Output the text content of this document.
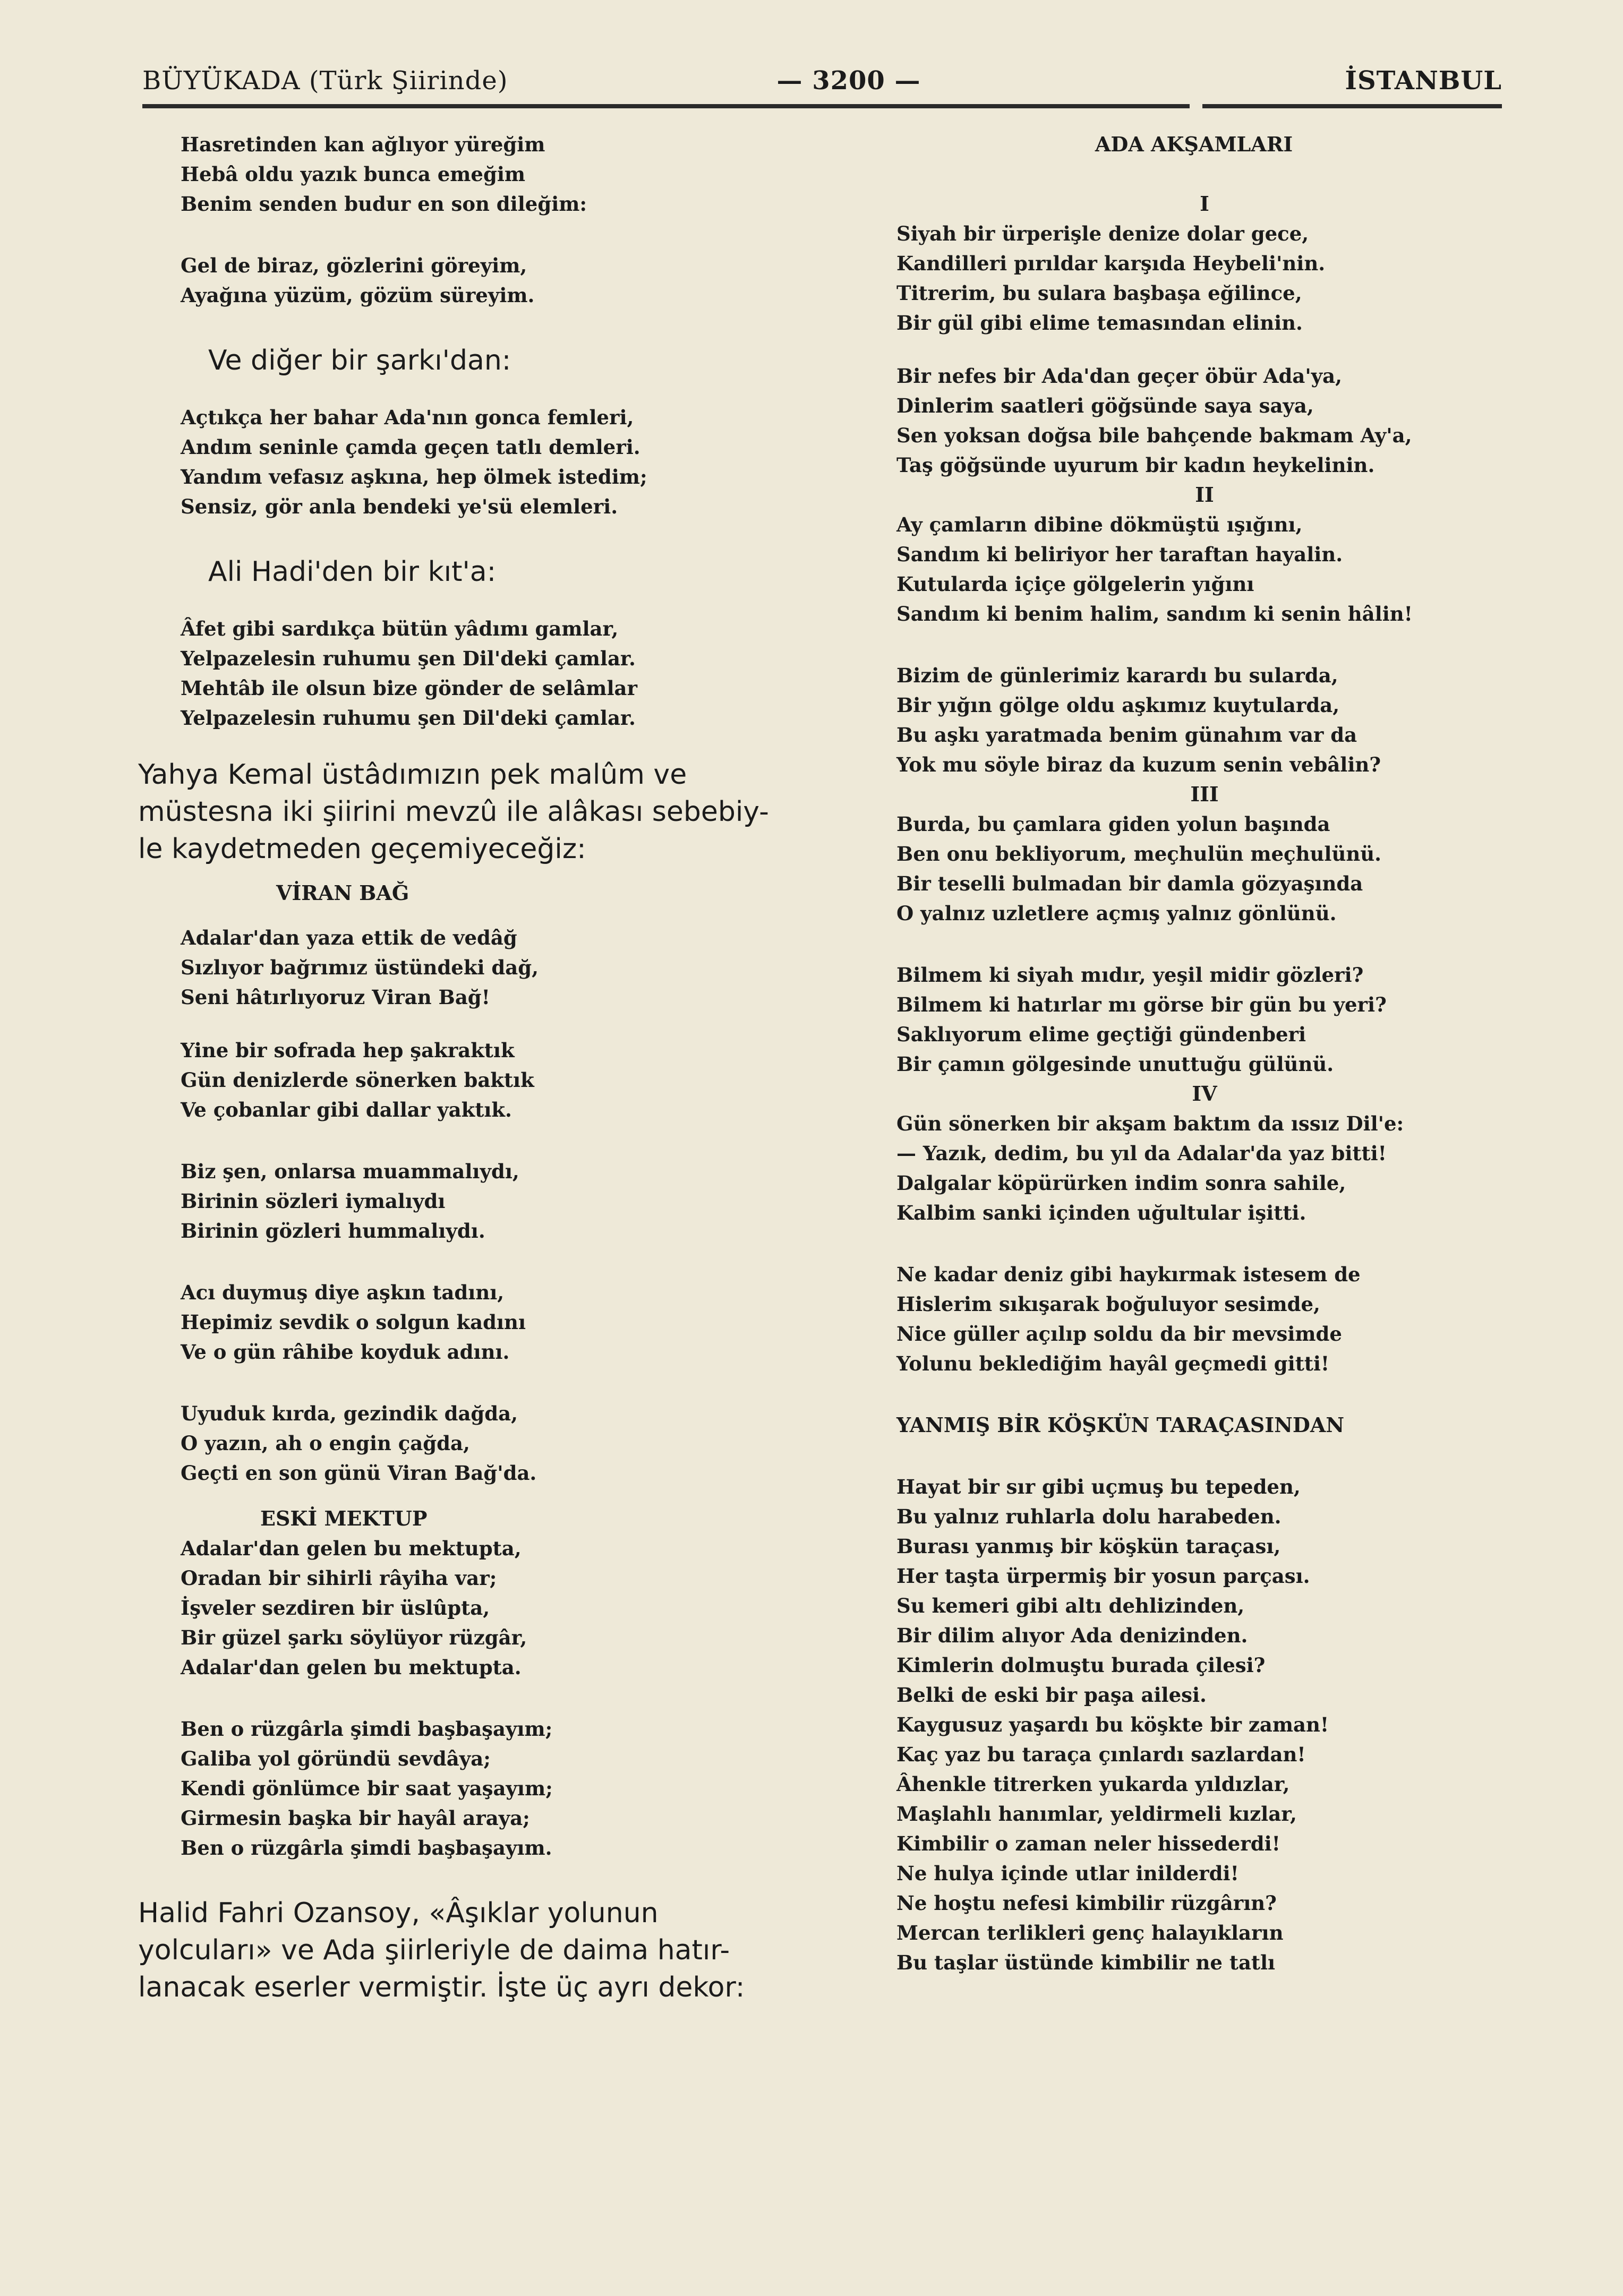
BÜYÜKADA (Türk Şiirinde)	— 3200 —	İSTANBUL
Hasretinden kan ağlıyor yüreğim
Hebâ oldu yazık bunca emeğim
Benim senden budur en son dileğim:
Gel de biraz, gözlerini göreyim,
Ayağına yüzüm, gözüm süreyim.
Ve diğer bir şarkı'dan:
Açtıkça her bahar Ada'nın gonca femleri,
Andım seninle çamda geçen tatlı demleri.
Yandım vefasız aşkına, hep ölmek istedim;
Sensiz, gör anla bendeki ye'sü elemleri.
Ali Hadi'den bir kıt'a:
Âfet gibi sardıkça bütün yâdımı gamlar,
Yelpazelesin ruhumu şen Dil'deki çamlar.
Mehtâb ile olsun bize gönder de selâmlar
Yelpazelesin ruhumu şen Dil'deki çamlar.
Yahya Kemal üstâdımızın pek malûm ve
müstesna iki şiirini mevzû ile alâkası sebebiy-
le kaydetmeden geçemiyeceğiz:
VİRAN BAĞ
Adalar'dan yaza ettik de vedâğ
Sızlıyor bağrımız üstündeki dağ,
Seni hâtırlıyoruz Viran Bağ!
Yine bir sofrada hep şakraktık
Gün denizlerde sönerken baktık
Ve çobanlar gibi dallar yaktık.
Biz şen, onlarsa muammalıydı,
Birinin sözleri iymalıydı
Birinin gözleri hummalıydı.
Acı duymuş diye aşkın tadını,
Hepimiz sevdik o solgun kadını
Ve o gün râhibe koyduk adını.
Uyuduk kırda, gezindik dağda,
O yazın, ah o engin çağda,
Geçti en son günü Viran Bağ'da.
ESKİ MEKTUP
Adalar'dan gelen bu mektupta,
Oradan bir sihirli râyiha var;
İşveler sezdiren bir üslûpta,
Bir güzel şarkı söylüyor rüzgâr,
Adalar'dan gelen bu mektupta.
Ben o rüzgârla şimdi başbaşayım;
Galiba yol göründü sevdâya;
Kendi gönlümce bir saat yaşayım;
Girmesin başka bir hayâl araya;
Ben o rüzgârla şimdi başbaşayım.
Halid Fahri Ozansoy, «Âşıklar yolunun
yolcuları» ve Ada şiirleriyle de daima hatır-
lanacak eserler vermiştir. İşte üç ayrı dekor:
ADA AKŞAMLARI
I
Siyah bir ürperişle denize dolar gece,
Kandilleri pırıldar karşıda Heybeli'nin.
Titrerim, bu sulara başbaşa eğilince,
Bir gül gibi elime temasından elinin.
Bir nefes bir Ada'dan geçer öbür Ada'ya,
Dinlerim saatleri göğsünde saya saya,
Sen yoksan doğsa bile bahçende bakmam Ay'a,
Taş göğsünde uyurum bir kadın heykelinin.
II
Ay çamların dibine dökmüştü ışığını,
Sandım ki beliriyor her taraftan hayalin.
Kutularda içiçe gölgelerin yığını
Sandım ki benim halim, sandım ki senin hâlin!
Bizim de günlerimiz karardı bu sularda,
Bir yığın gölge oldu aşkımız kuytularda,
Bu aşkı yaratmada benim günahım var da
Yok mu söyle biraz da kuzum senin vebâlin?
III
Burda, bu çamlara giden yolun başında
Ben onu bekliyorum, meçhulün meçhulünü.
Bir teselli bulmadan bir damla gözyaşında
O yalnız uzletlere açmış yalnız gönlünü.
Bilmem ki siyah mıdır, yeşil midir gözleri?
Bilmem ki hatırlar mı görse bir gün bu yeri?
Saklıyorum elime geçtiği gündenberi
Bir çamın gölgesinde unuttuğu gülünü.
IV
Gün sönerken bir akşam baktım da ıssız Dil'e:
— Yazık, dedim, bu yıl da Adalar'da yaz bitti!
Dalgalar köpürürken indim sonra sahile,
Kalbim sanki içinden uğultular işitti.
Ne kadar deniz gibi haykırmak istesem de
Hislerim sıkışarak boğuluyor sesimde,
Nice güller açılıp soldu da bir mevsimde
Yolunu beklediğim hayâl geçmedi gitti!
YANMIŞ BİR KÖŞKÜN TARAÇASINDAN
Hayat bir sır gibi uçmuş bu tepeden,
Bu yalnız ruhlarla dolu harabeden.
Burası yanmış bir köşkün taraçası,
Her taşta ürpermiş bir yosun parçası.
Su kemeri gibi altı dehlizinden,
Bir dilim alıyor Ada denizinden.
Kimlerin dolmuştu burada çilesi?
Belki de eski bir paşa ailesi.
Kaygusuz yaşardı bu köşkte bir zaman!
Kaç yaz bu taraça çınlardı sazlardan!
Âhenkle titrerken yukarda yıldızlar,
Maşlahlı hanımlar, yeldirmeli kızlar,
Kimbilir o zaman neler hissederdi!
Ne hulya içinde utlar inilderdi!
Ne hoştu nefesi kimbilir rüzgârın?
Mercan terlikleri genç halayıkların
Bu taşlar üstünde kimbilir ne tatlı
